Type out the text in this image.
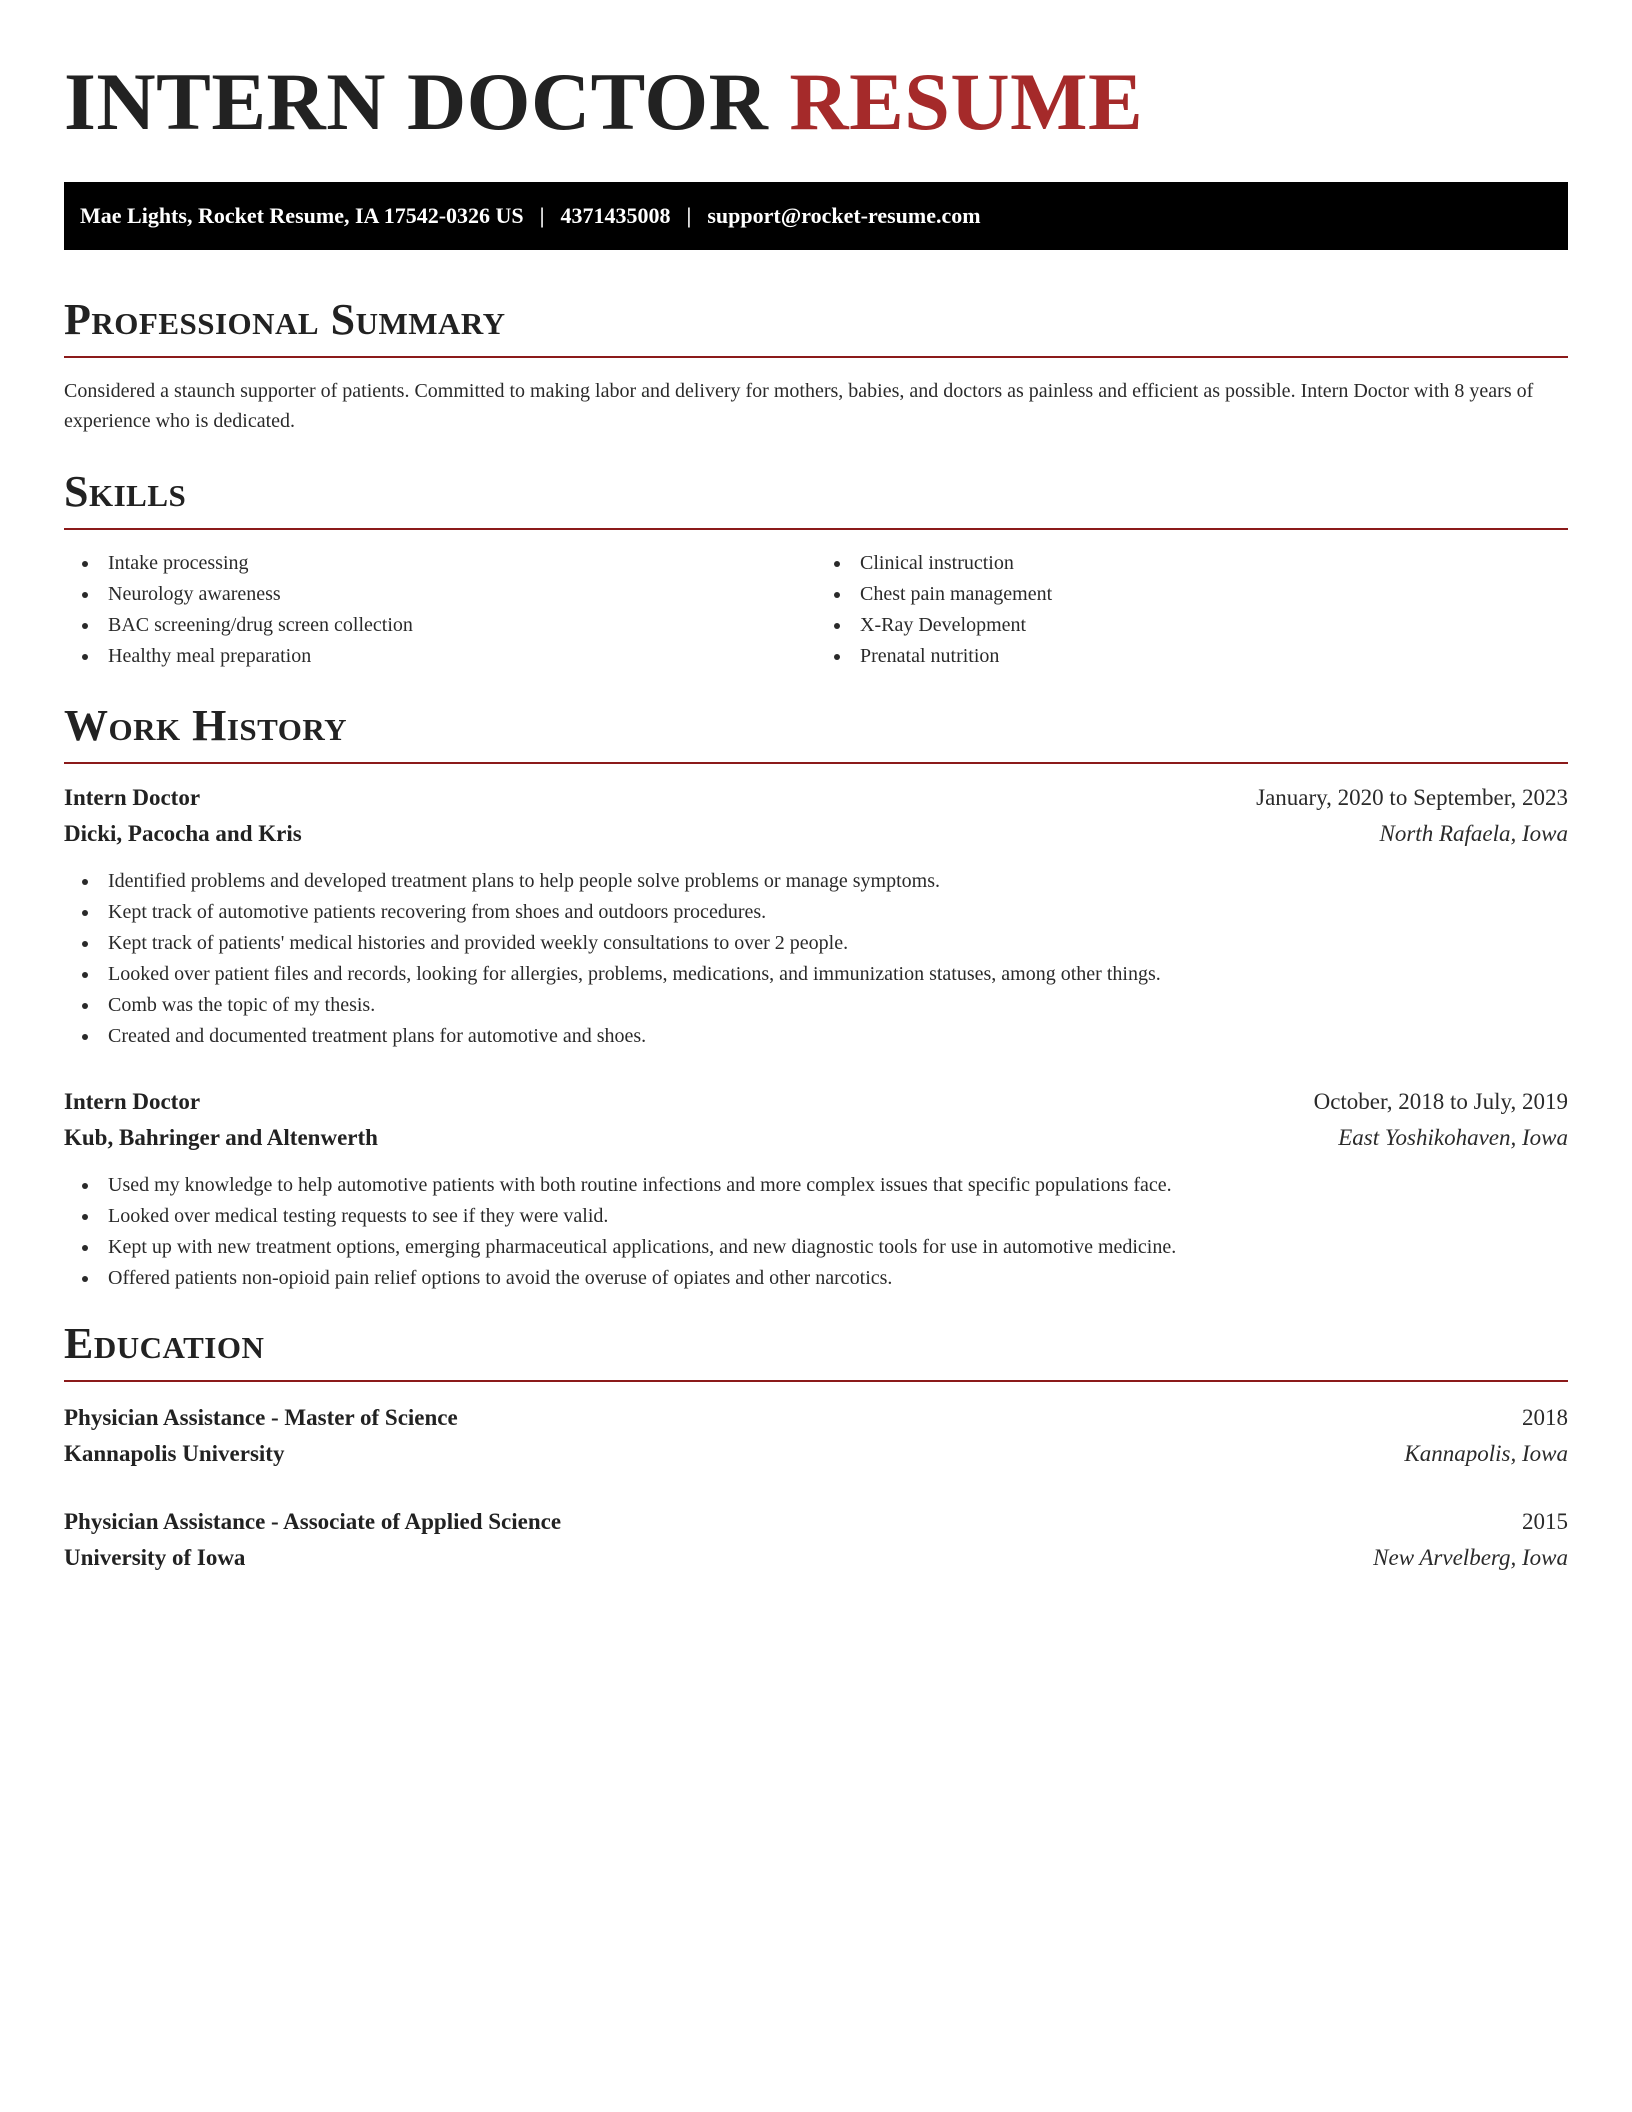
INTERN DOCTOR RESUME
Mae Lights, Rocket Resume, IA 17542-0326 US | 4371435008 | support@rocket-resume.com
Professional Summary

Considered a staunch supporter of patients. Committed to making labor and delivery for mothers, babies, and doctors as painless and efficient as possible. Intern Doctor with 8 years of experience who is dedicated.

Skills
Intake processing
Neurology awareness
BAC screening/drug screen collection
Healthy meal preparation
Clinical instruction
Chest pain management
X-Ray Development
Prenatal nutrition
Work History
Intern Doctor	January, 2020 to September, 2023
Dicki, Pacocha and Kris	North Rafaela, Iowa
Identified problems and developed treatment plans to help people solve problems or manage symptoms.
Kept track of automotive patients recovering from shoes and outdoors procedures.
Kept track of patients' medical histories and provided weekly consultations to over 2 people.
Looked over patient files and records, looking for allergies, problems, medications, and immunization statuses, among other things.
Comb was the topic of my thesis.
Created and documented treatment plans for automotive and shoes.
Intern Doctor	October, 2018 to July, 2019
Kub, Bahringer and Altenwerth	East Yoshikohaven, Iowa
Used my knowledge to help automotive patients with both routine infections and more complex issues that specific populations face.
Looked over medical testing requests to see if they were valid.
Kept up with new treatment options, emerging pharmaceutical applications, and new diagnostic tools for use in automotive medicine.
Offered patients non-opioid pain relief options to avoid the overuse of opiates and other narcotics.
Education
Physician Assistance - Master of Science	2018
Kannapolis University	Kannapolis, Iowa
Physician Assistance - Associate of Applied Science	2015
University of Iowa	New Arvelberg, Iowa
